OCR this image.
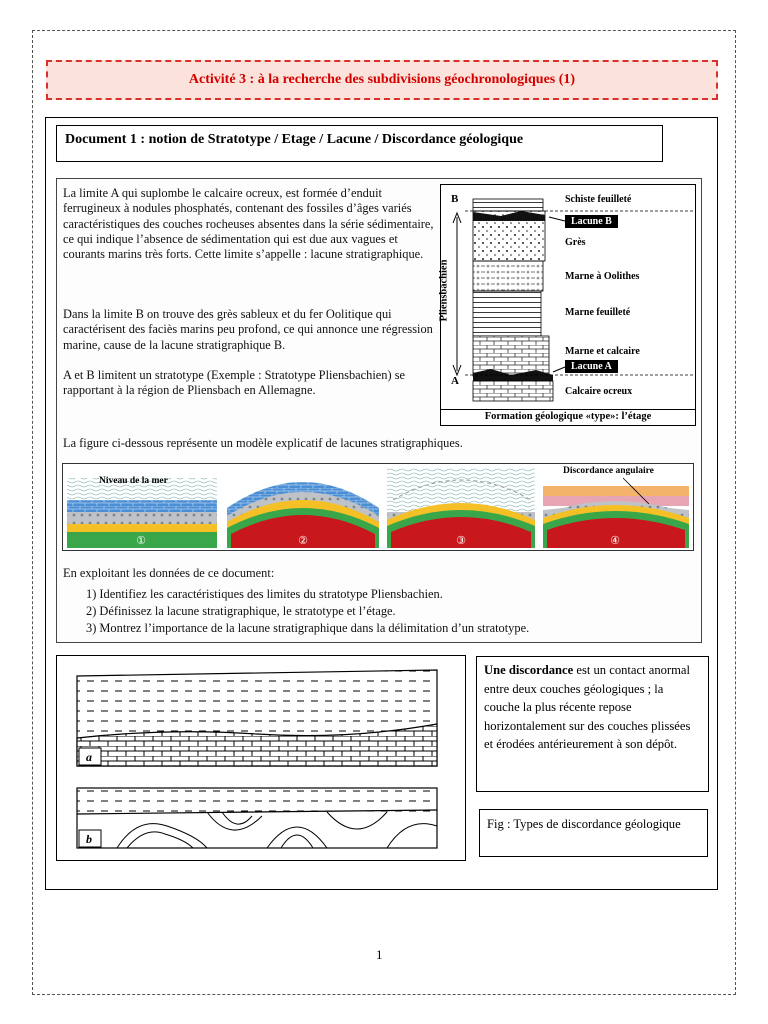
Activité 3 : à la recherche des subdivisions géochronologiques (1)
Document 1 : notion de Stratotype / Etage / Lacune / Discordance géologique
La limite A qui suplombe le calcaire ocreux, est formée d’enduit ferrugineux à nodules phosphatés, contenant des fossiles d’âges variés caractéristiques des couches rocheuses absentes dans la série sédimentaire, ce qui indique l’absence de sédimentation qui est due aux vagues et courants marins très forts. Cette limite s’appelle : lacune stratigraphique.
Dans la limite B on trouve des grès sableux et du fer Oolitique qui caractérisent des faciès marins peu profond, ce qui annonce une régression marine, cause de la lacune stratigraphique B.
A et B limitent un stratotype (Exemple : Stratotype Pliensbachien) se rapportant à la région de Pliensbach en Allemagne.
B
A
Pliensbachien
Schiste feuilleté
Lacune B
Grès
Marne à Oolithes
Marne feuilleté
Marne et calcaire
Lacune A
Calcaire ocreux
Formation géologique «type»: l’étage
La figure ci-dessous représente un modèle explicatif de lacunes stratigraphiques.
①	②	③	④
Niveau de la mer
Discordance angulaire
En exploitant les données de ce document:
1) Identifiez les caractéristiques des limites du stratotype Pliensbachien.
2) Définissez la lacune stratigraphique, le stratotype et l’étage.
3) Montrez l’importance de la lacune stratigraphique dans la délimitation d’un stratotype.
a
b
Une discordance est un contact anormal entre deux couches géologiques ; la couche la plus récente repose horizontalement sur des couches plissées et érodées antérieurement à son dépôt.
Fig : Types de discordance géologique
1
